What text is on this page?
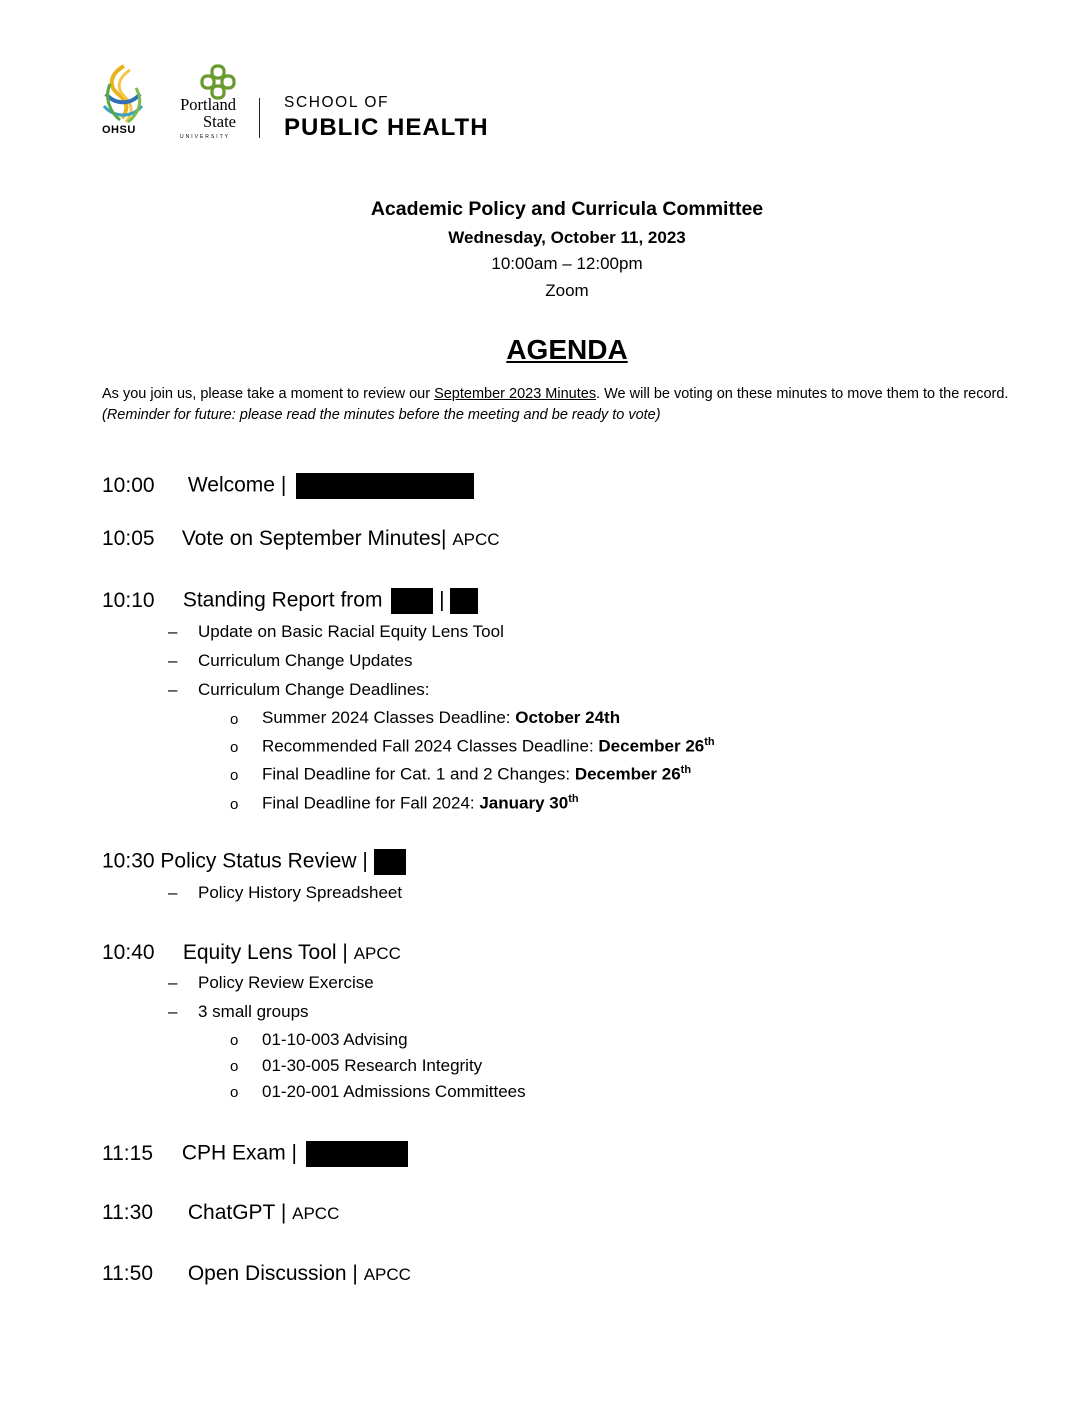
OHSU
Portland
State
UNIVERSITY
SCHOOL OF
PUBLIC HEALTH
Academic Policy and Curricula Committee
Wednesday, October 11, 2023
10:00am – 12:00pm
Zoom
AGENDA
As you join us, please take a moment to review our September 2023 Minutes. We will be voting on these minutes to move them to the record. (Reminder for future: please read the minutes before the meeting and be ready to vote)
10:00 Welcome |
10:05 Vote on September Minutes| APCC
10:10 Standing Report from	|
– Update on Basic Racial Equity Lens Tool
– Curriculum Change Updates
– Curriculum Change Deadlines:
o Summer 2024 Classes Deadline: October 24th
o Recommended Fall 2024 Classes Deadline: December 26th
o Final Deadline for Cat. 1 and 2 Changes: December 26th
o Final Deadline for Fall 2024: January 30th
10:30 Policy Status Review |
– Policy History Spreadsheet
10:40 Equity Lens Tool | APCC
– Policy Review Exercise
– 3 small groups
o 01-10-003 Advising
o 01-30-005 Research Integrity
o 01-20-001 Admissions Committees
11:15 CPH Exam |
11:30 ChatGPT | APCC
11:50 Open Discussion | APCC
